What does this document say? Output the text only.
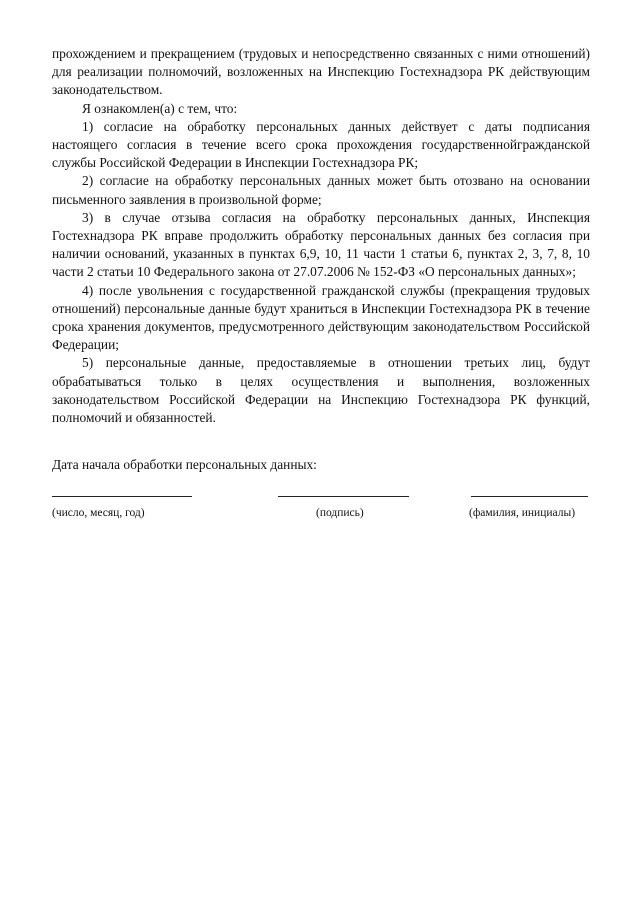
прохождением и прекращением (трудовых и непосредственно связанных с ними отношений) для реализации полномочий, возложенных на Инспекцию Гостехнадзора РК действующим законодательством.

Я ознакомлен(а) с тем, что:

1) согласие на обработку персональных данных действует с даты подписания настоящего согласия в течение всего срока прохождения государственнойгражданской службы Российской Федерации в Инспекции Гостехнадзора РК;

2) согласие на обработку персональных данных может быть отозвано на основании письменного заявления в произвольной форме;

3) в случае отзыва согласия на обработку персональных данных, Инспекция Гостехнадзора РК вправе продолжить обработку персональных данных без согласия при наличии оснований, указанных в пунктах 6,9, 10, 11 части 1 статьи 6, пунктах 2, 3, 7, 8, 10 части 2 статьи 10 Федерального закона от 27.07.2006 № 152-ФЗ «О персональных данных»;

4) после увольнения с государственной гражданской службы (прекращения трудовых отношений) персональные данные будут храниться в Инспекции Гостехнадзора РК в течение срока хранения документов, предусмотренного действующим законодательством Российской Федерации;

5) персональные данные, предоставляемые в отношении третьих лиц, будут обрабатываться только в целях осуществления и выполнения, возложенных законодательством Российской Федерации на Инспекцию Гостехнадзора РК функций, полномочий и обязанностей.

Дата начала обработки персональных данных:
(число, месяц, год)	(подпись)	(фамилия, инициалы)
